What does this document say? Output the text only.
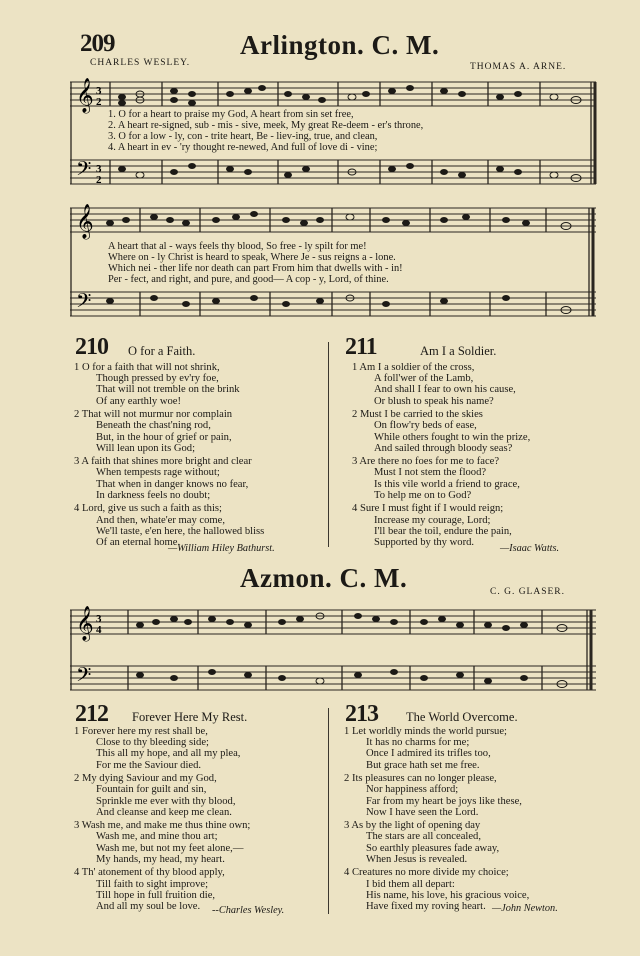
209	Arlington. C. M.
CHARLES WESLEY.	THOMAS A. ARNE.
𝄞
𝄢
3
2
3
2
1. O for a heart to praise my God, A heart from sin set free,
2. A heart re-signed, sub - mis - sive, meek, My great Re-deem - er's throne,
3. O for a low - ly, con - trite heart, Be - liev-ing, true, and clean,
4. A heart in ev - 'ry thought re-newed, And full of love di - vine;
𝄞
𝄢
A heart that al - ways feels thy blood, So free - ly spilt for me!
Where on - ly Christ is heard to speak, Where Je - sus reigns a - lone.
Which nei - ther life nor death can part From him that dwells with - in!
Per - fect, and right, and pure, and good— A cop - y, Lord, of thine.
210 O for a Faith.
1 O for a faith that will not shrink,
Though pressed by ev'ry foe,
That will not tremble on the brink
Of any earthly woe!
2 That will not murmur nor complain
Beneath the chast'ning rod,
But, in the hour of grief or pain,
Will lean upon its God;
3 A faith that shines more bright and clear
When tempests rage without;
That when in danger knows no fear,
In darkness feels no doubt;
4 Lord, give us such a faith as this;
And then, whate'er may come,
We'll taste, e'en here, the hallowed bliss
Of an eternal home.
—William Hiley Bathurst.
211	Am I a Soldier.
1 Am I a soldier of the cross,
A foll'wer of the Lamb,
And shall I fear to own his cause,
Or blush to speak his name?
2 Must I be carried to the skies
On flow'ry beds of ease,
While others fought to win the prize,
And sailed through bloody seas?
3 Are there no foes for me to face?
Must I not stem the flood?
Is this vile world a friend to grace,
To help me on to God?
4 Sure I must fight if I would reign;
Increase my courage, Lord;
I'll bear the toil, endure the pain,
Supported by thy word.
—Isaac Watts.
Azmon. C. M.	C. G. GLASER.
𝄞
𝄢
3
4
212 Forever Here My Rest.
1 Forever here my rest shall be,
Close to thy bleeding side;
This all my hope, and all my plea,
For me the Saviour died.
2 My dying Saviour and my God,
Fountain for guilt and sin,
Sprinkle me ever with thy blood,
And cleanse and keep me clean.
3 Wash me, and make me thus thine own;
Wash me, and mine thou art;
Wash me, but not my feet alone,—
My hands, my head, my heart.
4 Th' atonement of thy blood apply,
Till faith to sight improve;
Till hope in full fruition die,
And all my soul be love.	--Charles Wesley.
213 The World Overcome.
1 Let worldly minds the world pursue;
It has no charms for me;
Once I admired its trifles too,
But grace hath set me free.
2 Its pleasures can no longer please,
Nor happiness afford;
Far from my heart be joys like these,
Now I have seen the Lord.
3 As by the light of opening day
The stars are all concealed,
So earthly pleasures fade away,
When Jesus is revealed.
4 Creatures no more divide my choice;
I bid them all depart:
His name, his love, his gracious voice,
Have fixed my roving heart. —John Newton.
